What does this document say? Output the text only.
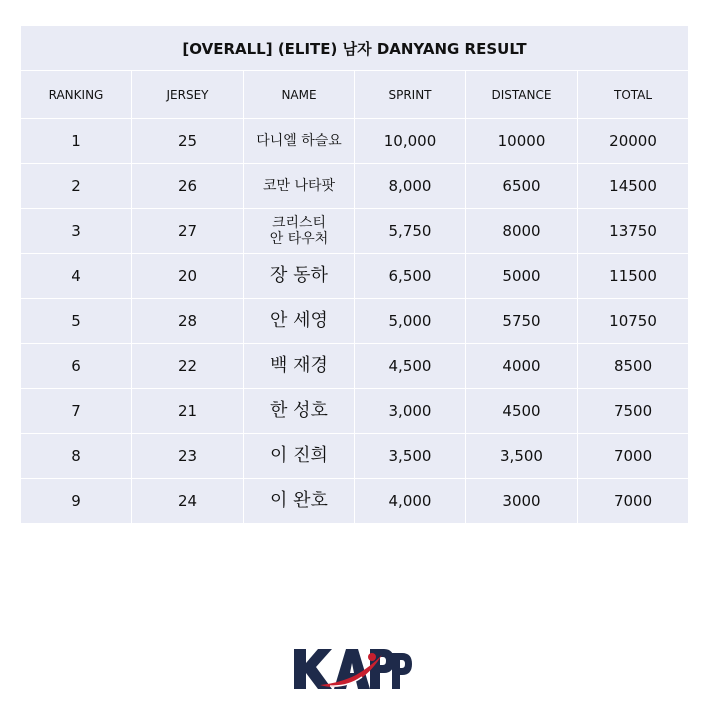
[OVERALL] (ELITE) 남자 DANYANG RESULT					
RANKING	JERSEY	NAME	SPRINT	DISTANCE	TOTAL
1	25	다니엘 하슬요	10,000	10000	20000
2	26	코만 나타팟	8,000	6500	14500
3	27	크리스티안 타우처	5,750	8000	13750
4	20	장 동하	6,500	5000	11500
5	28	안 세영	5,000	5750	10750
6	22	백 재경	4,500	4000	8500
7	21	한 성호	3,000	4500	7500
8	23	이 진희	3,500	3,500	7000
9	24	이 완호	4,000	3000	7000
